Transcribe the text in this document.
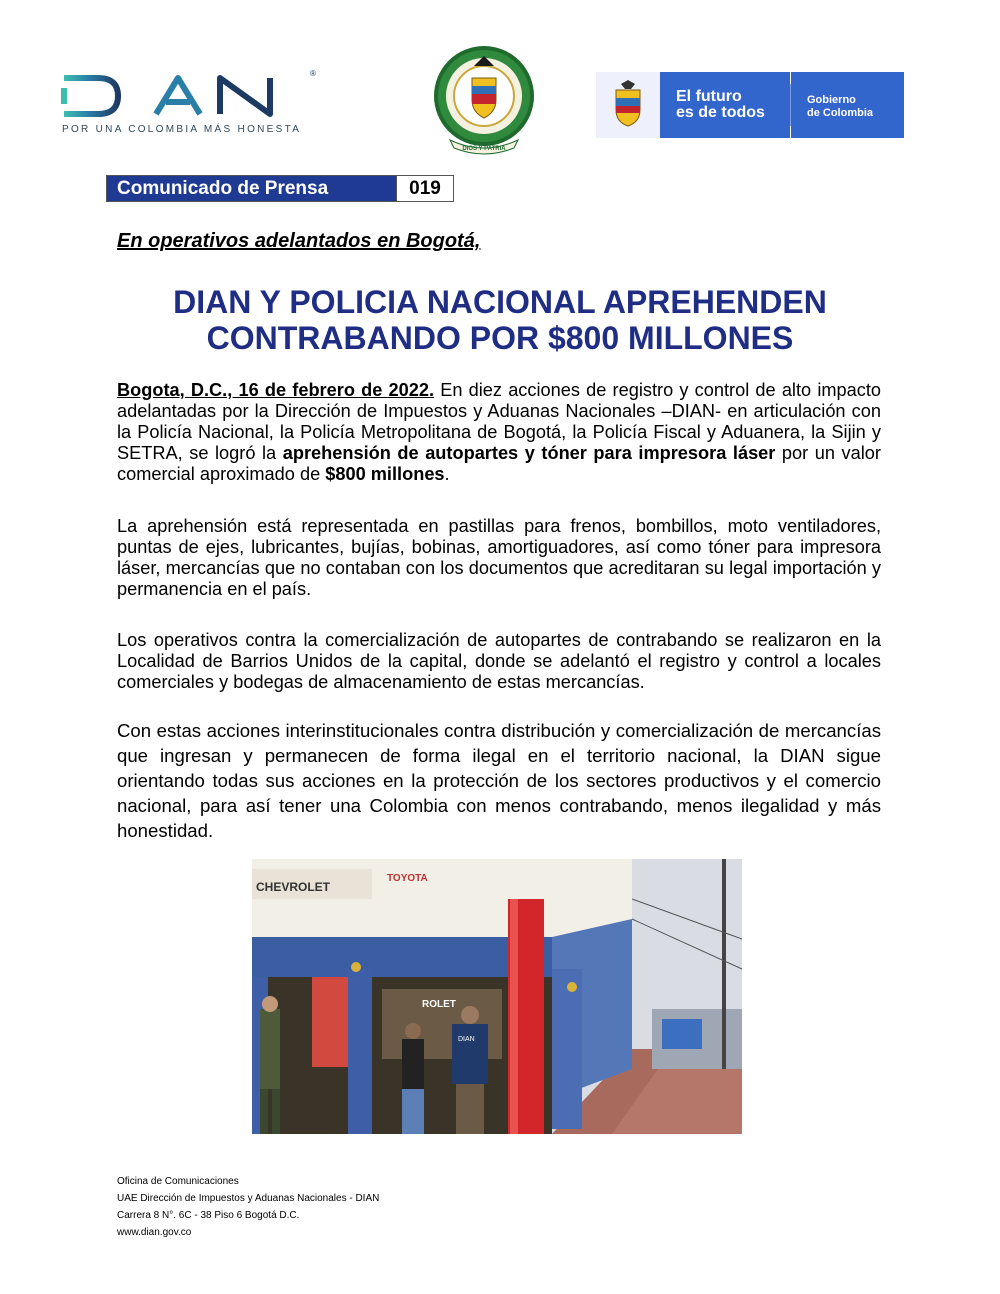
®
POR UNA COLOMBIA MÁS HONESTA
DIOS Y PATRIA
El futuro
es de todos
Gobierno
de Colombia
Comunicado de Prensa	019
En operativos adelantados en Bogotá,
DIAN Y POLICIA NACIONAL APREHENDEN
CONTRABANDO POR $800 MILLONES
Bogota, D.C., 16 de febrero de 2022. En diez acciones de registro y control de alto impacto adelantadas por la Dirección de Impuestos y Aduanas Nacionales –DIAN- en articulación con la Policía Nacional, la Policía Metropolitana de Bogotá, la Policía Fiscal y Aduanera, la Sijin y SETRA, se logró la aprehensión de autopartes y tóner para impresora láser por un valor comercial aproximado de $800 millones.
La aprehensión está representada en pastillas para frenos, bombillos, moto ventiladores, puntas de ejes, lubricantes, bujías, bobinas, amortiguadores, así como tóner para impresora láser, mercancías que no contaban con los documentos que acreditaran su legal importación y permanencia en el país.
Los operativos contra la comercialización de autopartes de contrabando se realizaron en la Localidad de Barrios Unidos de la capital, donde se adelantó el registro y control a locales comerciales y bodegas de almacenamiento de estas mercancías.
Con estas acciones interinstitucionales contra distribución y comercialización de mercancías que ingresan y permanecen de forma ilegal en el territorio nacional, la DIAN sigue orientando todas sus acciones en la protección de los sectores productivos y el comercio nacional, para así tener una Colombia con menos contrabando, menos ilegalidad y más honestidad.
CHEVROLET
TOYOTA
ROLET
DIAN
Oficina de Comunicaciones
UAE Dirección de Impuestos y Aduanas Nacionales - DIAN
Carrera 8 N°. 6C - 38 Piso 6 Bogotá D.C.
www.dian.gov.co
